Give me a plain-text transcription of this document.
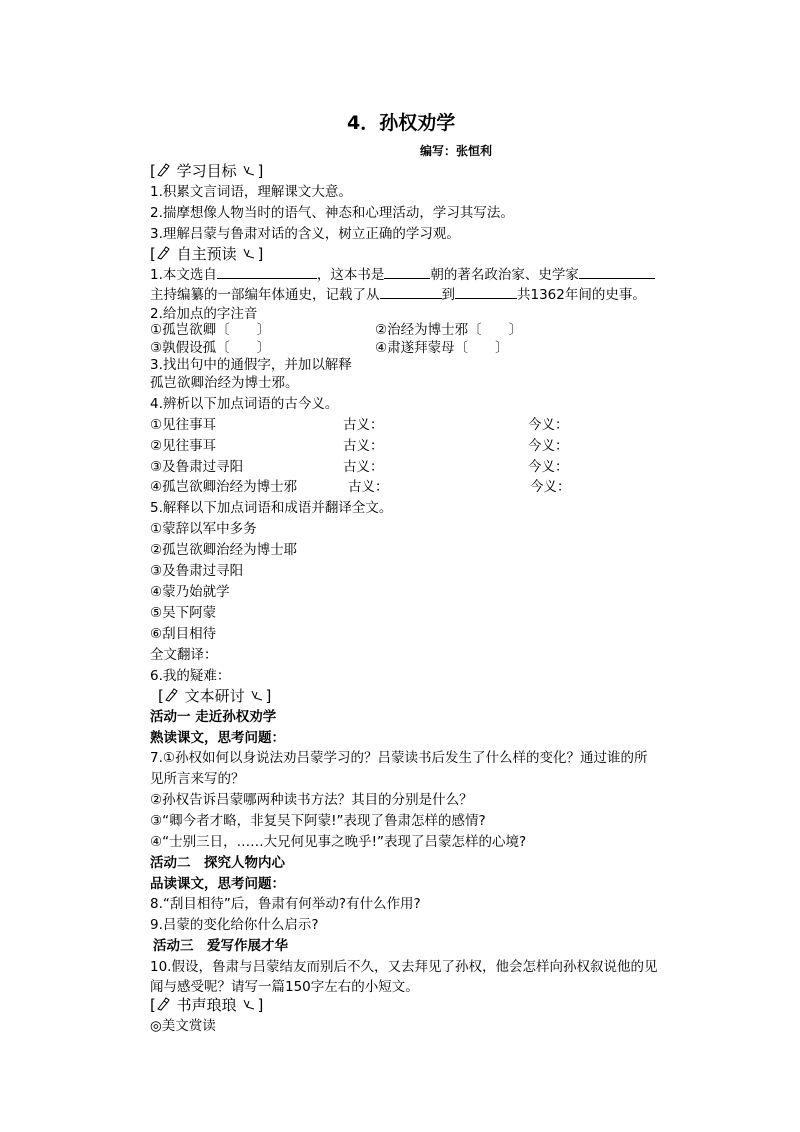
4．孙权劝学
编写：张恒利
[ 学习目标 ]
1.积累文言词语，理解课文大意。
2.揣摩想像人物当时的语气、神态和心理活动，学习其写法。
3.理解吕蒙与鲁肃对话的含义，树立正确的学习观。
[ 自主预读 ]
1.本文选自	，这本书是	朝的著名政治家、史学家
主持编纂的一部编年体通史，记载了从	到	共1362年间的史事。
2.给加点的字注音
①孤岂欲卿〔　　〕	②治经为博士邪〔　　〕
③孰假设孤〔　　〕	④肃遂拜蒙母〔　　〕
3.找出句中的通假字，并加以解释
孤岂欲卿治经为博士邪。
4.辨析以下加点词语的古今义。
①见往事耳	古义：	今义：
②见往事耳	古义：	今义：
③及鲁肃过寻阳	古义：	今义：
④孤岂欲卿治经为博士邪	古义：	今义：
5.解释以下加点词语和成语并翻译全文。
①蒙辞以军中多务
②孤岂欲卿治经为博士耶
③及鲁肃过寻阳
④蒙乃始就学
⑤吴下阿蒙
⑥刮目相待
全文翻译：
6.我的疑难：
[ 文本研讨 ]
活动一 走近孙权劝学
熟读课文，思考问题：
7.①孙权如何以身说法劝吕蒙学习的？吕蒙读书后发生了什么样的变化？通过谁的所
见所言来写的？
②孙权告诉吕蒙哪两种读书方法？其目的分别是什么？
③“卿今者才略，非复吴下阿蒙!”表现了鲁肃怎样的感情?
④“士别三日，……大兄何见事之晚乎!”表现了吕蒙怎样的心境?
活动二　探究人物内心
品读课文，思考问题：
8.“刮目相待”后，鲁肃有何举动?有什么作用?
9.吕蒙的变化给你什么启示?
活动三　爱写作展才华
10.假设，鲁肃与吕蒙结友而别后不久，又去拜见了孙权，他会怎样向孙权叙说他的见
闻与感受呢？请写一篇150字左右的小短文。
[ 书声琅琅 ]
◎美文赏读
